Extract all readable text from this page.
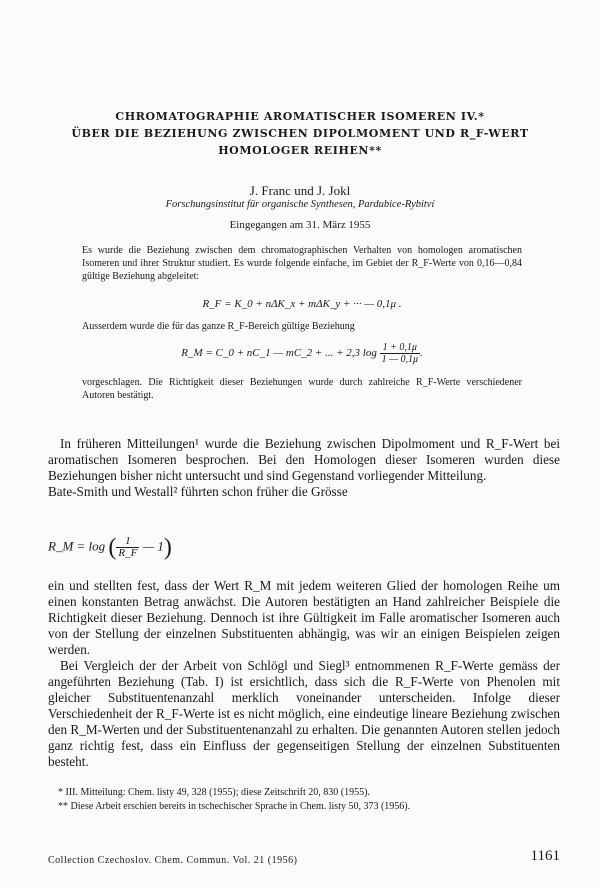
CHROMATOGRAPHIE AROMATISCHER ISOMEREN IV.*
ÜBER DIE BEZIEHUNG ZWISCHEN DIPOLMOMENT UND R_F-WERT
HOMOLOGER REIHEN**
J. Franc und J. Jokl
Forschungsinstitut für organische Synthesen, Pardubice-Rybitví
Eingegangen am 31. März 1955
Es wurde die Beziehung zwischen dem chromatographischen Verhalten von homologen aromatischen Isomeren und ihrer Struktur studiert. Es wurde folgende einfache, im Gebiet der R_F-Werte von 0,16—0,84 gültige Beziehung abgeleitet:
R_F = K_0 + nΔK_x + mΔK_y + ··· — 0,1μ .
Ausserdem wurde die für das ganze R_F-Bereich gültige Beziehung
R_M = C_0 + nC_1 — mC_2 + ... + 2,3 $\log \frac{1 + 0,1\mu}{1 — 0,1\mu}$ .
vorgeschlagen. Die Richtigkeit dieser Beziehungen wurde durch zahlreiche R_F-Werte verschiedener Autoren bestätigt.

In früheren Mitteilungen¹ wurde die Beziehung zwischen Dipolmoment und R_F-Wert bei aromatischen Isomeren besprochen. Bei den Homologen dieser Isomeren wurden diese Beziehungen bisher nicht untersucht und sind Gegenstand vorliegender Mitteilung.

Bate-Smith und Westall² führten schon früher die Grösse

R_M = log ( $\frac{1}{R\_F}$ — 1)

ein und stellten fest, dass der Wert R_M mit jedem weiteren Glied der homologen Reihe um einen konstanten Betrag anwächst. Die Autoren bestätigten an Hand zahlreicher Beispiele die Richtigkeit dieser Beziehung. Dennoch ist ihre Gültigkeit im Falle aromatischer Isomeren auch von der Stellung der einzelnen Substituenten abhängig, was wir an einigen Beispielen zeigen werden.

Bei Vergleich der der Arbeit von Schlögl und Siegl³ entnommenen R_F-Werte gemäss der angeführten Beziehung (Tab. I) ist ersichtlich, dass sich die R_F-Werte von Phenolen mit gleicher Substituentenanzahl merklich voneinander unterscheiden. Infolge dieser Verschiedenheit der R_F-Werte ist es nicht möglich, eine eindeutige lineare Beziehung zwischen den R_M-Werten und der Substituentenanzahl zu erhalten. Die genannten Autoren stellen jedoch ganz richtig fest, dass ein Einfluss der gegenseitigen Stellung der einzelnen Substituenten besteht.

* III. Mitteilung: Chem. listy 49, 328 (1955); diese Zeitschrift 20, 830 (1955).
** Diese Arbeit erschien bereits in tschechischer Sprache in Chem. listy 50, 373 (1956).
Collection Czechoslov. Chem. Commun. Vol. 21 (1956)	1161
